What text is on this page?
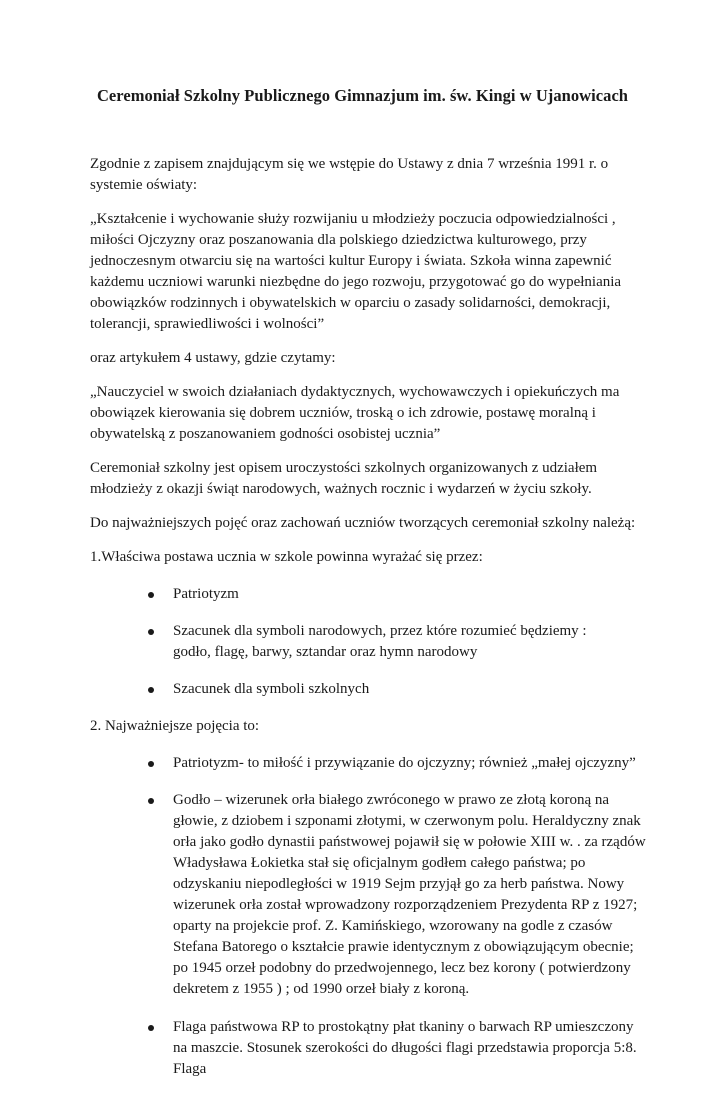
Ceremoniał Szkolny Publicznego Gimnazjum im. św. Kingi w Ujanowicach

Zgodnie z zapisem znajdującym się we wstępie do Ustawy z dnia 7 września 1991 r. o systemie oświaty:

„Kształcenie i wychowanie służy rozwijaniu u młodzieży poczucia odpowiedzialności , miłości Ojczyzny oraz poszanowania dla polskiego dziedzictwa kulturowego, przy jednoczesnym otwarciu się na wartości kultur Europy i świata. Szkoła winna zapewnić każdemu uczniowi warunki niezbędne do jego rozwoju, przygotować go do wypełniania obowiązków rodzinnych i obywatelskich w oparciu o zasady solidarności, demokracji, tolerancji, sprawiedliwości i wolności”

oraz artykułem 4 ustawy, gdzie czytamy:

„Nauczyciel w swoich działaniach dydaktycznych, wychowawczych i opiekuńczych ma obowiązek kierowania się dobrem uczniów, troską o ich zdrowie, postawę moralną i obywatelską z poszanowaniem godności osobistej ucznia”

Ceremoniał szkolny jest opisem uroczystości szkolnych organizowanych z udziałem młodzieży z okazji świąt narodowych, ważnych rocznic i wydarzeń w życiu szkoły.

Do najważniejszych pojęć oraz zachowań uczniów tworzących ceremoniał szkolny należą:

1.Właściwa postawa ucznia w szkole powinna wyrażać się przez:

Patriotyzm
Szacunek dla symboli narodowych, przez które rozumieć będziemy :
godło, flagę, barwy, sztandar oraz hymn narodowy
Szacunek dla symboli szkolnych

2. Najważniejsze pojęcia to:

Patriotyzm- to miłość i przywiązanie do ojczyzny; również „małej ojczyzny”
Godło – wizerunek orła białego zwróconego w prawo ze złotą koroną na głowie, z dziobem i szponami złotymi, w czerwonym polu. Heraldyczny znak orła jako godło dynastii państwowej pojawił się w połowie XIII w. . za rządów Władysława Łokietka stał się oficjalnym godłem całego państwa; po odzyskaniu niepodległości w 1919 Sejm przyjął go za herb państwa. Nowy wizerunek orła został wprowadzony rozporządzeniem Prezydenta RP z 1927; oparty na projekcie prof. Z. Kamińskiego, wzorowany na godle z czasów Stefana Batorego o kształcie prawie identycznym z obowiązującym obecnie; po 1945 orzeł podobny do przedwojennego, lecz bez korony ( potwierdzony dekretem z 1955 ) ; od 1990 orzeł biały z koroną.
Flaga państwowa RP to prostokątny płat tkaniny o barwach RP umieszczony na maszcie. Stosunek szerokości do długości flagi przedstawia proporcja 5:8. Flaga
